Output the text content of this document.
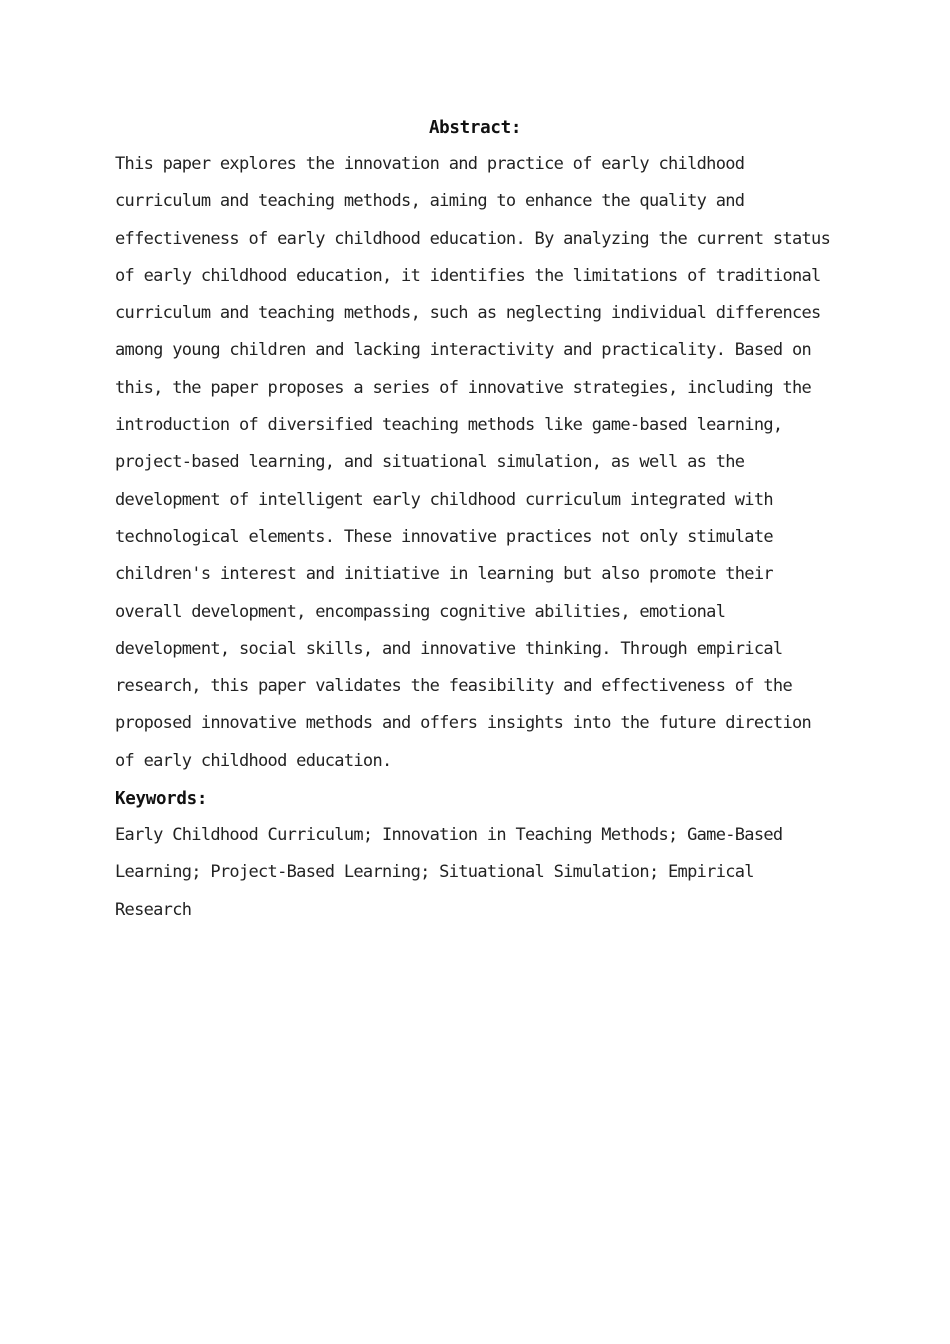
Abstract:
This paper explores the innovation and practice of early childhood
curriculum and teaching methods, aiming to enhance the quality and
effectiveness of early childhood education. By analyzing the current status
of early childhood education, it identifies the limitations of traditional
curriculum and teaching methods, such as neglecting individual differences
among young children and lacking interactivity and practicality. Based on
this, the paper proposes a series of innovative strategies, including the
introduction of diversified teaching methods like game-based learning,
project-based learning, and situational simulation, as well as the
development of intelligent early childhood curriculum integrated with
technological elements. These innovative practices not only stimulate
children's interest and initiative in learning but also promote their
overall development, encompassing cognitive abilities, emotional
development, social skills, and innovative thinking. Through empirical
research, this paper validates the feasibility and effectiveness of the
proposed innovative methods and offers insights into the future direction
of early childhood education.
Keywords:
Early Childhood Curriculum; Innovation in Teaching Methods; Game-Based
Learning; Project-Based Learning; Situational Simulation; Empirical
Research
